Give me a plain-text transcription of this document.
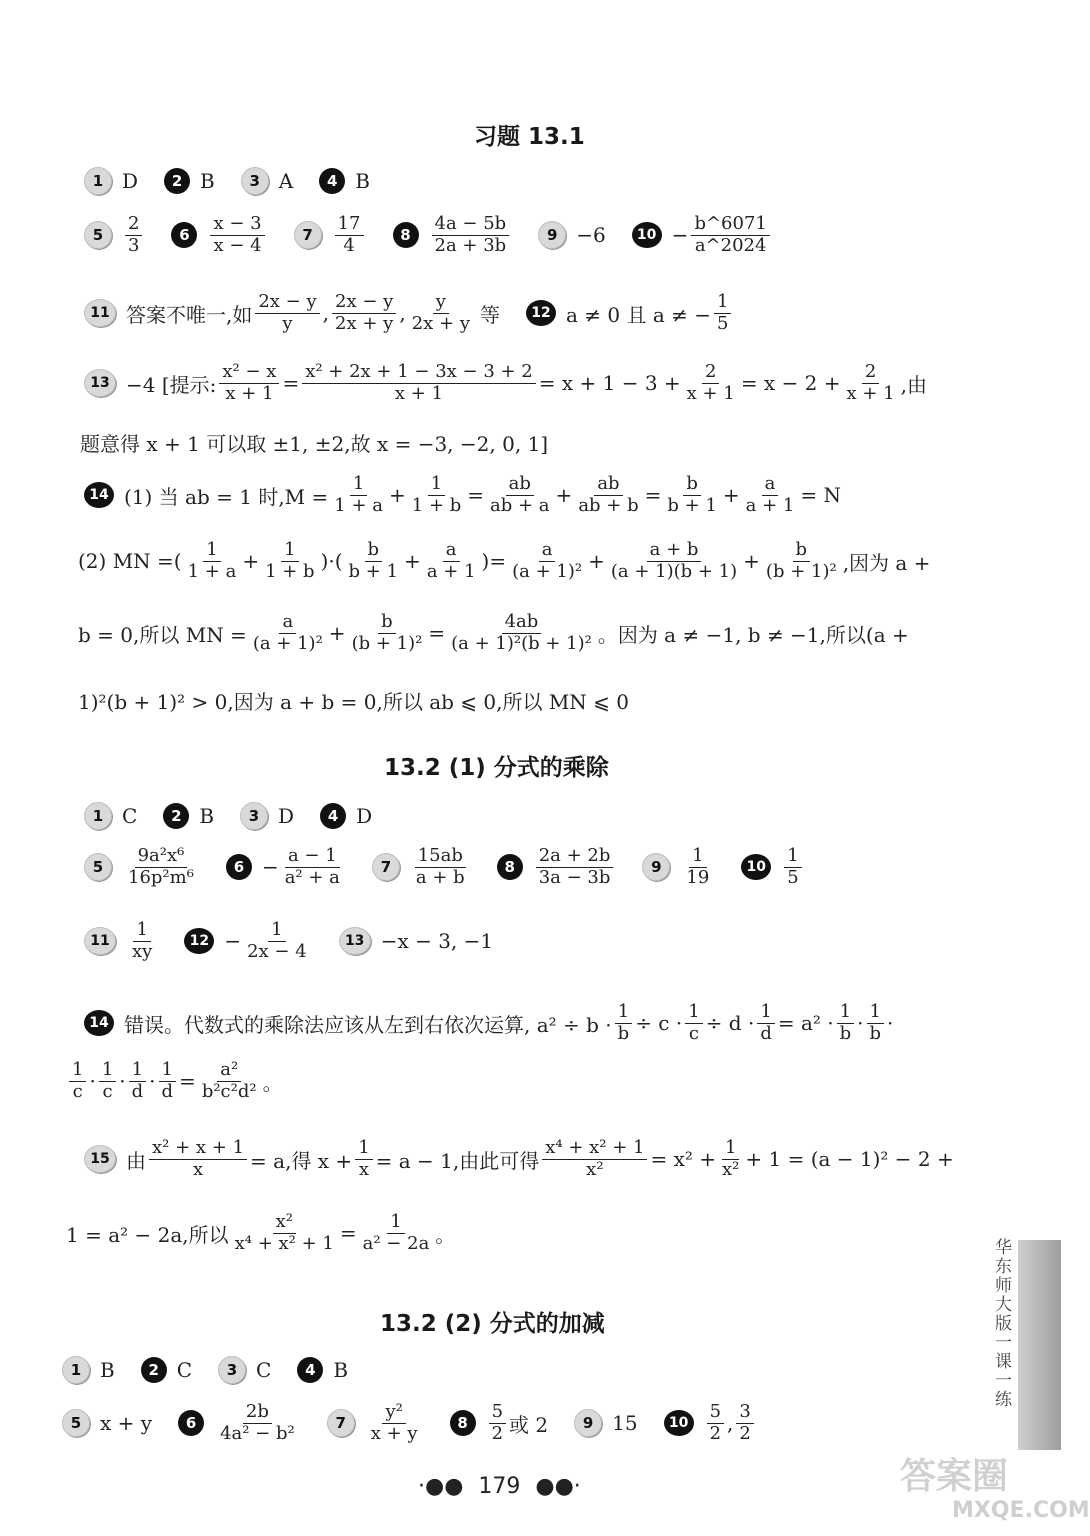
习题 13.1
1 D	2 B	3 A	4 B
5	$\frac{2}{3}$	6	$\frac{x - 3}{x - 4}$	7	$\frac{17}{4}$	8	$\frac{4a - 5b}{2a + 3b}$	9 −6	$10 - \frac{b\^{}6071}{a\^{}2024}$
11 答案不唯一,如 $\frac{2x - y}{y}$ , $\frac{2x - y}{2x + y}$ , $\frac{y}{2x + y}$ 等	12 a ≠ 0 且 a ≠ − $\frac{1}{5}$
13 −4 [提示: $\frac{\text{x² − x}}{x + 1} = \frac{\text{x² + 2x + 1 − 3x − 3 + 2}}{x + 1} = x + 1 - 3 + \frac{2}{x + 1} = x - 2 + \frac{2}{x + 1}$ ,由
题意得 x + 1 可以取 ±1, ±2,故 x = −3, −2, 0, 1]
14 (1) 当 ab = 1 时$,M = \frac{1}{1 + a} + \frac{1}{1 + b} = \frac{ab}{ab + a} + \frac{ab}{ab + b} = \frac{b}{b + 1} + \frac{a}{a + 1} = N$
(2) MN =( $\frac{1}{1 + a} + \frac{1}{1 + b}$ )·( $\frac{b}{b + 1} + \frac{a}{a + 1}$ )= $\frac{a}{\text{(a + 1)²}} + \frac{a + b}{(a + 1)(b + 1)} + \frac{b}{\text{(b + 1)²}}$ ,因为 a +
b = 0,所以 MN = $\frac{a}{\text{(a + 1)²}} + \frac{b}{\text{(b + 1)²}} = \frac{4ab}{\text{(a + 1)²(b + 1)²}}$ 。因为 a ≠ −1, b ≠ −1,所以(a +
1)²(b + 1)² > 0,因为 a + b = 0,所以 ab ⩽ 0,所以 MN ⩽ 0
13.2 (1) 分式的乘除
1 C	2 B	3 D	4 D
5	$\frac{\text{9a²x⁶}}{\text{16p²m⁶}}$	$6 - \frac{a - 1}{\text{a² + a}}$	7	$\frac{15ab}{a + b}$	8	$\frac{2a + 2b}{3a - 3b}$	9	$\frac{1}{19}$	$10 \frac{1}{5}$
11	$\frac{1}{xy}$	$12 - \frac{1}{2x - 4}$	13 −x − 3, −1
14 错误。代数式的乘除法应该从左到右依次运算, $a^2 \div b \cdot \frac{1}{b} \div c \cdot \frac{1}{c} \div d \cdot \frac{1}{d} = a^2 \cdot \frac{1}{b} \cdot \frac{1}{b}$ ·
$\frac{1}{c} \cdot \frac{1}{c} \cdot \frac{1}{d} \cdot \frac{1}{d} = \frac{\text{a²}}{\text{b²c²d²}}$ 。
15 由 $\frac{\text{x² + x + 1}}{x} = a$,得 $x + \frac{1}{x} = a - 1$,由此可得 $\frac{\text{x⁴ + x² + 1}}{\text{x²}} = x^2 + \frac{1}{\text{x²}} + 1 = (a - 1)^2 - 2$ +
1 = a² − 2a,所以 $\frac{\text{x²}}{\text{x⁴ + x² + 1}} = \frac{1}{\text{a² − 2a}}$ 。
13.2 (2) 分式的加减
1 B	2 C	3 C	4 B
5 x + y	6	$\frac{2b}{\text{4a² − b²}}$	7	$\frac{\text{y²}}{x + y}$	8	$\frac{5}{2}$ 或 2	9 15	$10 \frac{5}{2}$ , $\frac{3}{2}$
华东师大版一课一练
·●● 179 ●●·	答案圈
MXQE.COM
